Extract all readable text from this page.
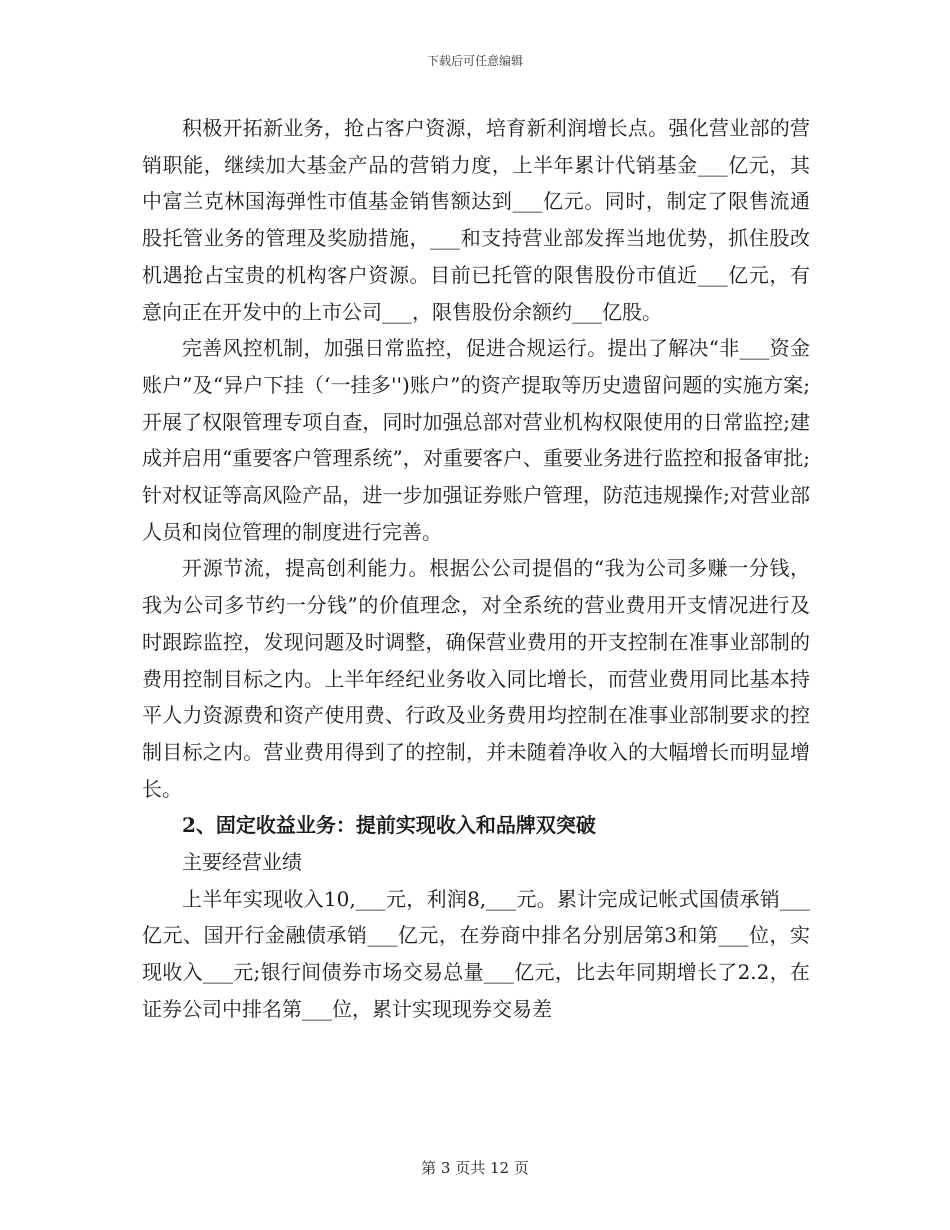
下载后可任意编辑

积极开拓新业务，抢占客户资源，培育新利润增长点。强化营业部的营销职能，继续加大基金产品的营销力度，上半年累计代销基金___亿元，其中富兰克林国海弹性市值基金销售额达到___亿元。同时，制定了限售流通股托管业务的管理及奖励措施，___和支持营业部发挥当地优势，抓住股改机遇抢占宝贵的机构客户资源。目前已托管的限售股份市值近___亿元，有意向正在开发中的上市公司___，限售股份余额约___亿股。

完善风控机制，加强日常监控，促进合规运行。提出了解决“非___资金账户”及“异户下挂（‘一挂多'')账户”的资产提取等历史遗留问题的实施方案;开展了权限管理专项自查，同时加强总部对营业机构权限使用的日常监控;建成并启用“重要客户管理系统”，对重要客户、重要业务进行监控和报备审批;针对权证等高风险产品，进一步加强证券账户管理，防范违规操作;对营业部人员和岗位管理的制度进行完善。

开源节流，提高创利能力。根据公公司提倡的“我为公司多赚一分钱，我为公司多节约一分钱”的价值理念，对全系统的营业费用开支情况进行及时跟踪监控，发现问题及时调整，确保营业费用的开支控制在准事业部制的费用控制目标之内。上半年经纪业务收入同比增长，而营业费用同比基本持平人力资源费和资产使用费、行政及业务费用均控制在准事业部制要求的控制目标之内。营业费用得到了的控制，并未随着净收入的大幅增长而明显增长。

2、固定收益业务：提前实现收入和品牌双突破

主要经营业绩

上半年实现收入10,___元，利润8,___元。累计完成记帐式国债承销___亿元、国开行金融债承销___亿元，在券商中排名分别居第3和第___位，实现收入___元;银行间债券市场交易总量___亿元，比去年同期增长了2.2，在证券公司中排名第___位，累计实现现券交易差

第 3 页共 12 页
